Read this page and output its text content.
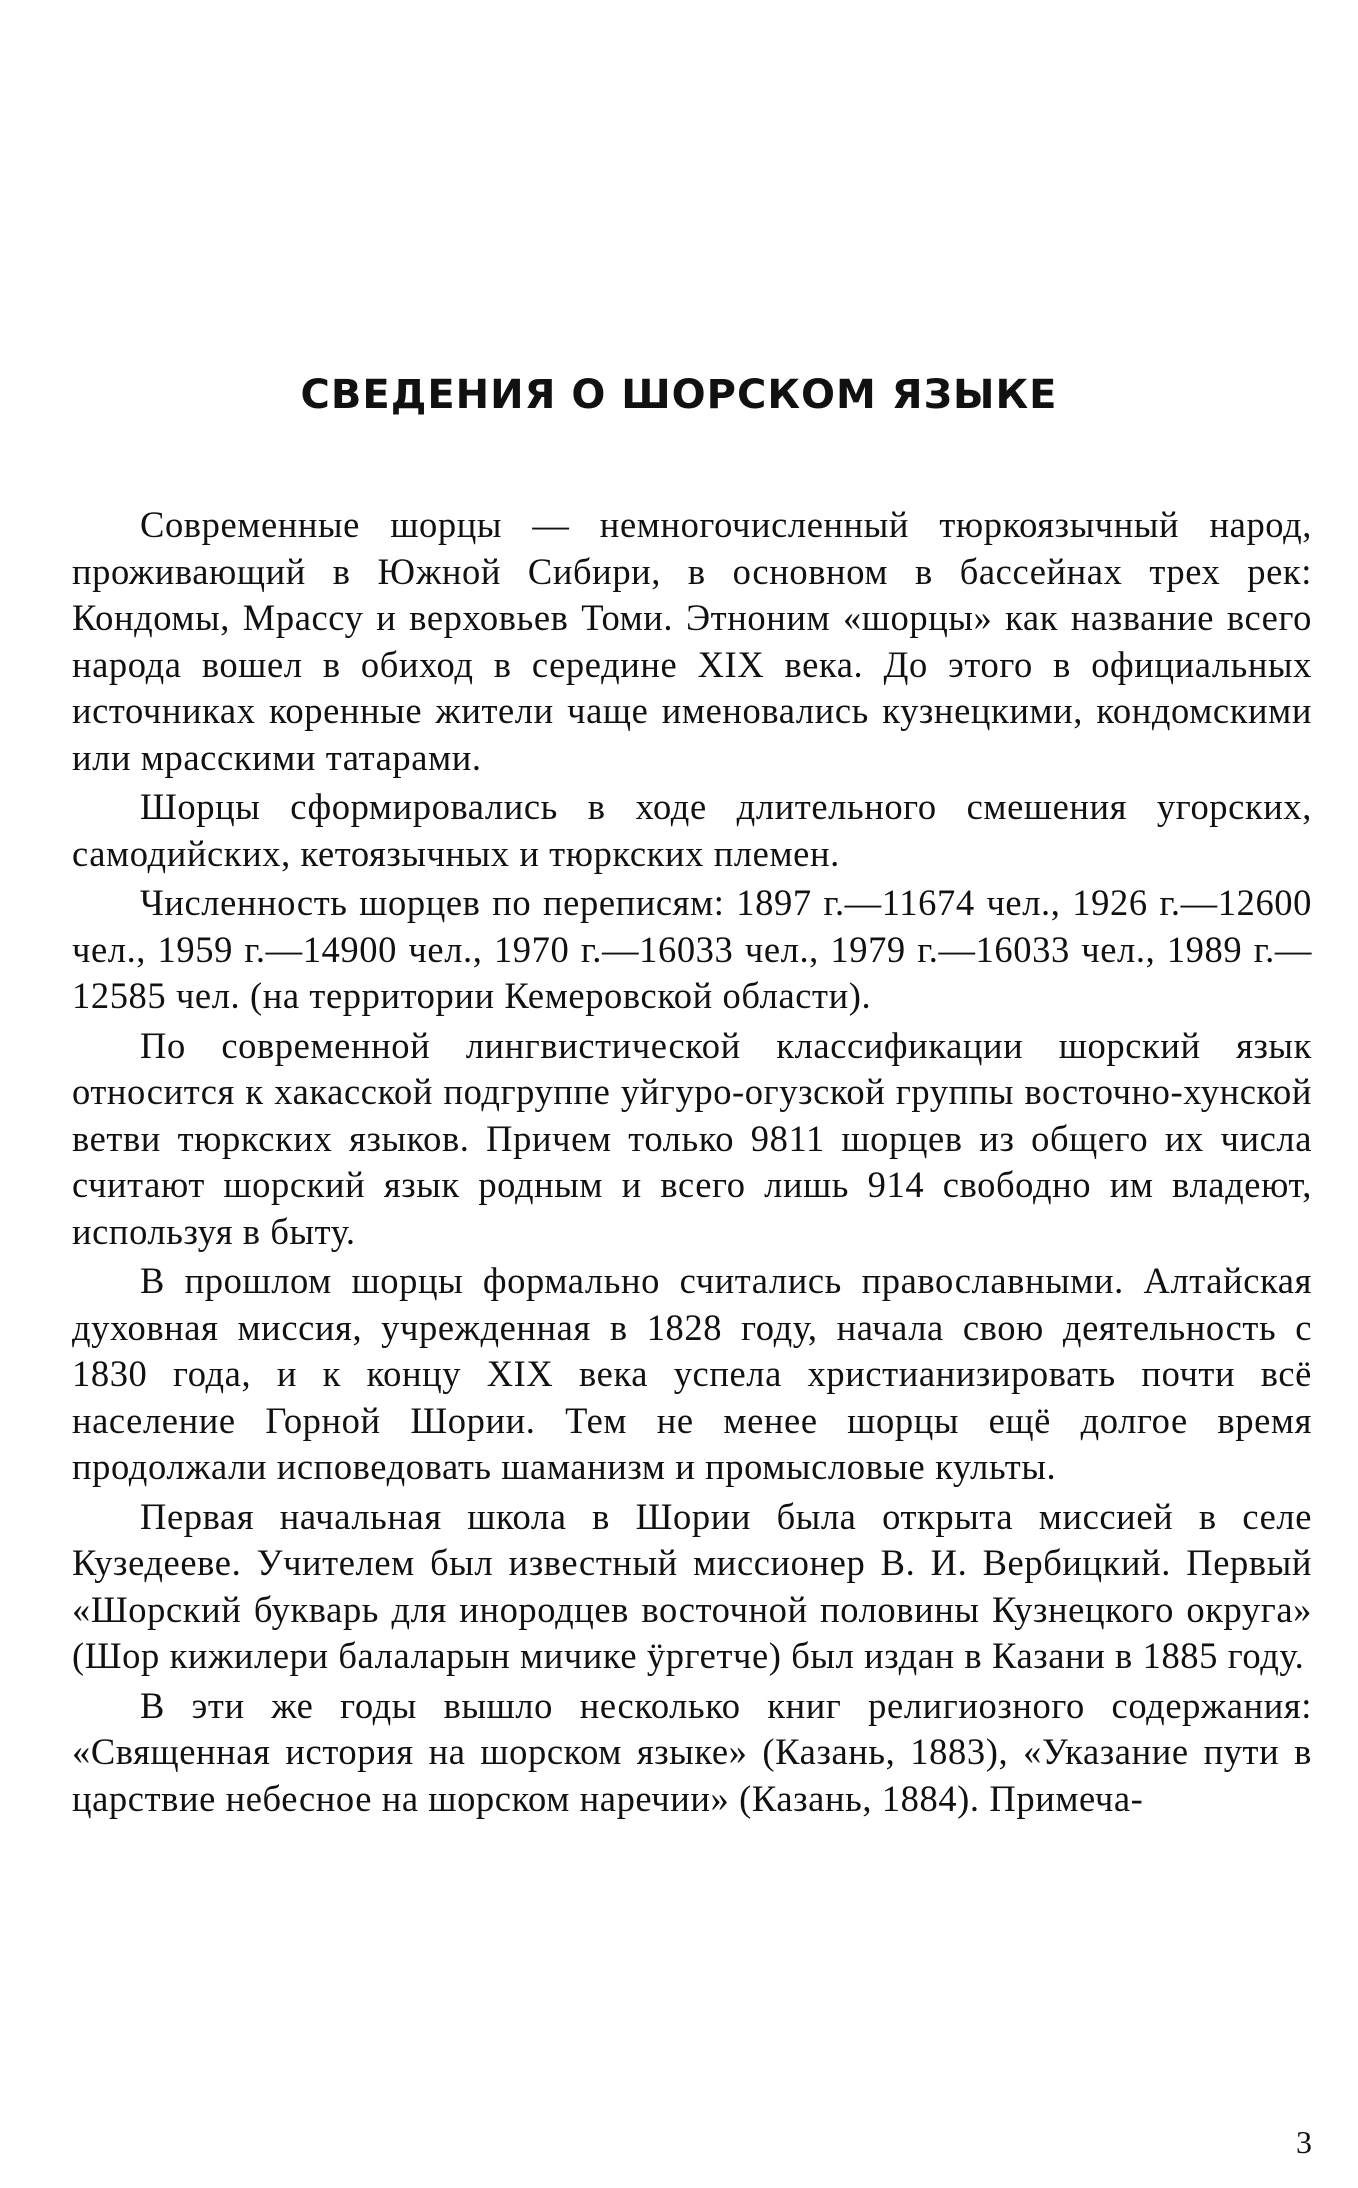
СВЕДЕНИЯ О ШОРСКОМ ЯЗЫКЕ

Современные шорцы — немногочисленный тюркоязычный народ, проживающий в Южной Сибири, в основном в бассейнах трех рек: Кондомы, Мрассу и верховьев Томи. Этноним «шорцы» как название всего народа вошел в обиход в середине XIX века. До этого в официальных источниках коренные жители чаще именовались кузнецкими, кондомскими или мрасскими татарами.

Шорцы сформировались в ходе длительного смешения угорских, самодийских, кетоязычных и тюркских племен.

Численность шорцев по переписям: 1897 г.—11674 чел., 1926 г.—12600 чел., 1959 г.—14900 чел., 1970 г.—16033 чел., 1979 г.—16033 чел., 1989 г.—12585 чел. (на территории Кемеровской области).

По современной лингвистической классификации шорский язык относится к хакасской подгруппе уйгуро-огузской группы восточно-хунской ветви тюркских языков. Причем только 9811 шорцев из общего их числа считают шорский язык родным и всего лишь 914 свободно им владеют, используя в быту.

В прошлом шорцы формально считались православными. Алтайская духовная миссия, учрежденная в 1828 году, начала свою деятельность с 1830 года, и к концу XIX века успела христианизировать почти всё население Горной Шории. Тем не менее шорцы ещё долгое время продолжали исповедовать шаманизм и промысловые культы.

Первая начальная школа в Шории была открыта миссией в селе Кузедееве. Учителем был известный миссионер В. И. Вербицкий. Первый «Шорский букварь для инородцев восточной половины Кузнецкого округа» (Шор кижилери балаларын мичике ӱргетче) был издан в Казани в 1885 году.

В эти же годы вышло несколько книг религиозного содержания: «Священная история на шорском языке» (Казань, 1883), «Указание пути в царствие небесное на шорском наречии» (Казань, 1884). Примеча-

3
